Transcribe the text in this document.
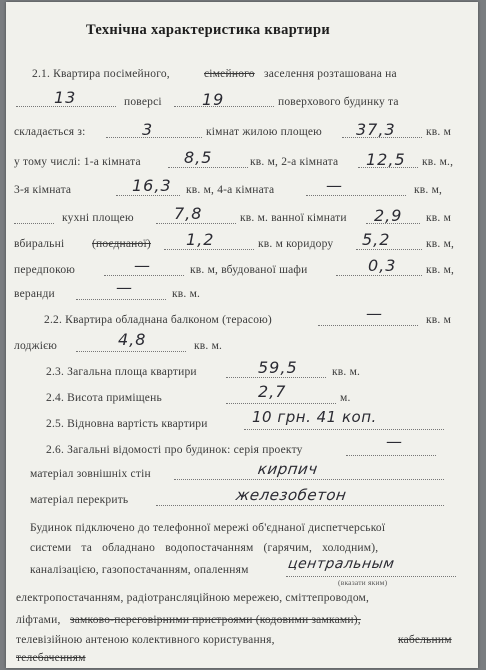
Технічна характеристика квартири
2.1. Квартира посімейного,	сімейного заселення розташована на
13	поверсі	19	поверхового будинку та
складається з:	3	кімнат жилою площею 37,3	кв. м
у тому числі: 1-а кімната	8,5	кв. м, 2-а кімната 12,5 кв. м.,
3-я кімната	16,3 кв. м, 4-а кімната	—	кв. м,
кухні площею	7,8	кв. м. ванної кімнати 2,9 кв. м
вбиральні (поєднаної) 1,2	кв. м коридору 5,2	кв. м,
передпокою	—	кв. м, вбудованої шафи	0,3	кв. м,
веранди	—	кв. м.
2.2. Квартира обладнана балконом (терасою)	—	кв. м
лоджією	4,8	кв. м.
2.3. Загальна площа квартири	59,5	кв. м.
2.4. Висота приміщень	2,7	м.
2.5. Відновна вартість квартири	10 грн. 41 коп.
2.6. Загальні відомості про будинок: серія проекту	—
матеріал зовнішніх стін	кирпич
матеріал перекрить	железобетон
Будинок підключено до телефонної мережі об'єднаної диспетчерської
системи та обладнано водопостачанням (гарячим, холодним),
каналізацією, газопостачанням, опаленням	центральным
(вказати яким)
електропостачанням, радіотрансляційною мережею, сміттепроводом,
ліфтами, замково-переговірними пристроями (кодовими замками),
телевізійною антеною колективного користування,	кабельним
телебаченням
